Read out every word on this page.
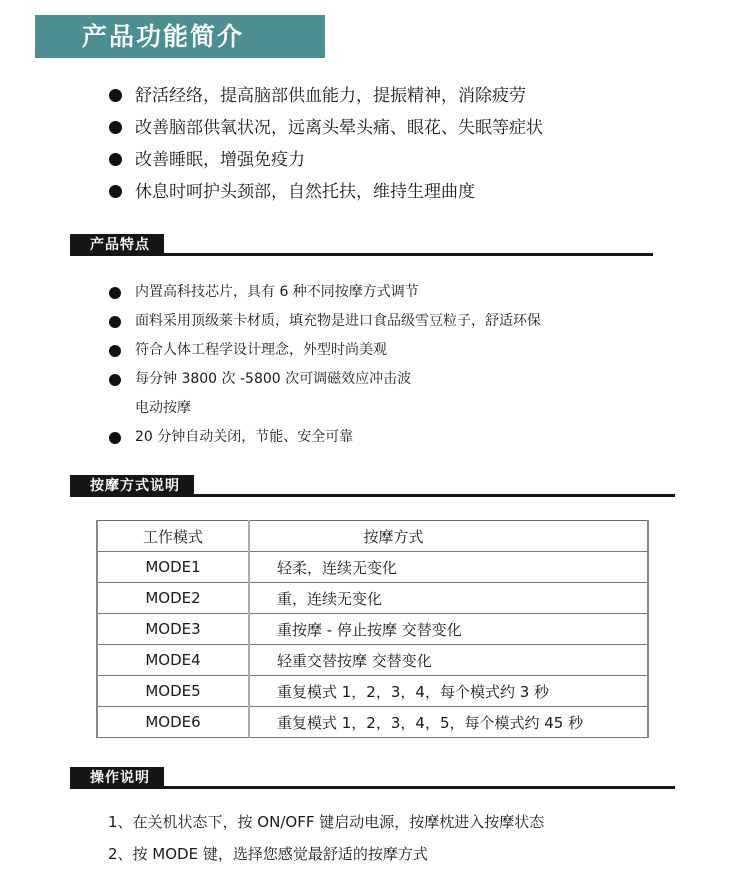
产品功能简介
舒活经络，提高脑部供血能力，提振精神，消除疲劳
改善脑部供氧状况，远离头晕头痛、眼花、失眠等症状
改善睡眠，增强免疫力
休息时呵护头颈部，自然托扶，维持生理曲度
产品特点
内置高科技芯片，具有 6 种不同按摩方式调节
面料采用顶级莱卡材质，填充物是进口食品级雪豆粒子，舒适环保
符合人体工程学设计理念，外型时尚美观
每分钟 3800 次 -5800 次可调磁效应冲击波
电动按摩
20 分钟自动关闭，节能、安全可靠
按摩方式说明
工作模式	按摩方式
MODE1	轻柔，连续无变化
MODE2	重，连续无变化
MODE3	重按摩 - 停止按摩 交替变化
MODE4	轻重交替按摩 交替变化
MODE5	重复模式 1，2，3，4，每个模式约 3 秒
MODE6	重复模式 1，2，3，4，5，每个模式约 45 秒
操作说明
1、在关机状态下，按 ON/OFF 键启动电源，按摩枕进入按摩状态
2、按 MODE 键，选择您感觉最舒适的按摩方式
